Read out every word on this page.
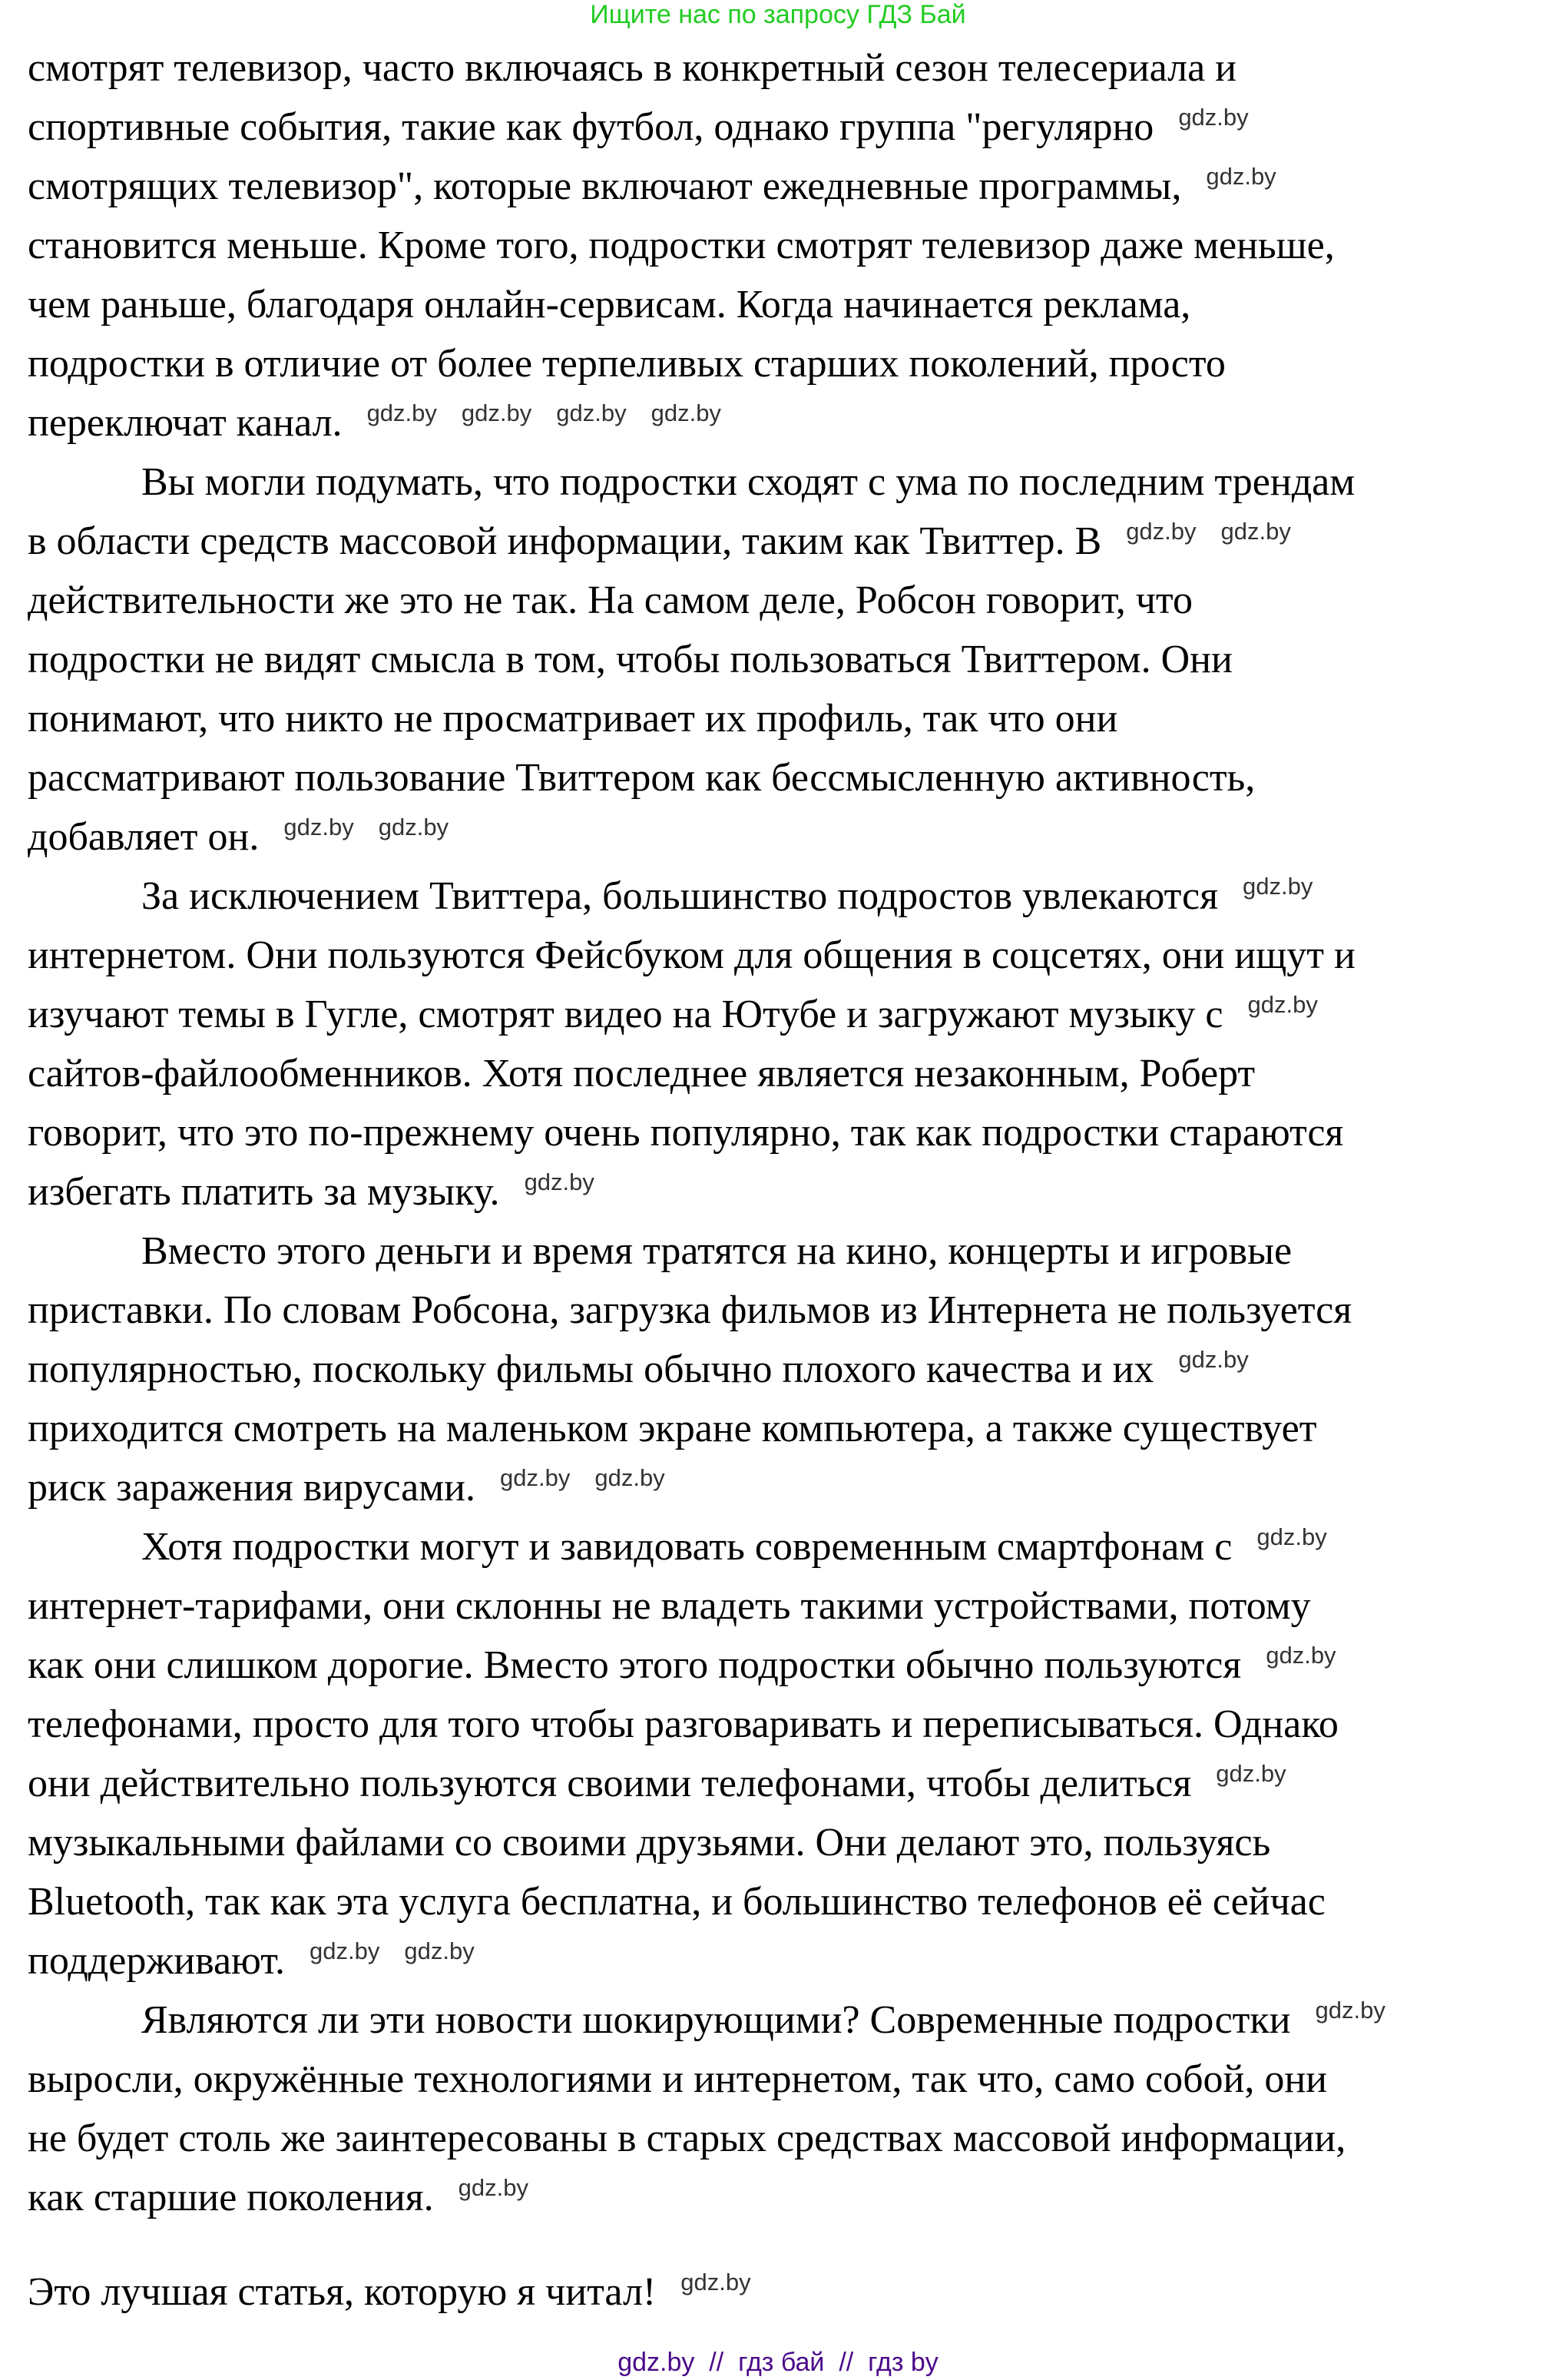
Ищите нас по запросу ГДЗ Бай
смотрят телевизор, часто включаясь в конкретный сезон телесериала и
спортивные события, такие как футбол, однако группа "регулярно gdz.by
смотрящих телевизор", которые включают ежедневные программы, gdz.by
становится меньше. Кроме того, подростки смотрят телевизор даже меньше,
чем раньше, благодаря онлайн-сервисам. Когда начинается реклама,
подростки в отличие от более терпеливых старших поколений, просто
переключат канал. gdz.by gdz.by gdz.by gdz.by
Вы могли подумать, что подростки сходят с ума по последним трендам
в области средств массовой информации, таким как Твиттер. В gdz.by gdz.by
действительности же это не так. На самом деле, Робсон говорит, что
подростки не видят смысла в том, чтобы пользоваться Твиттером. Они
понимают, что никто не просматривает их профиль, так что они
рассматривают пользование Твиттером как бессмысленную активность,
добавляет он. gdz.by gdz.by
За исключением Твиттера, большинство подростов увлекаются gdz.by
интернетом. Они пользуются Фейсбуком для общения в соцсетях, они ищут и
изучают темы в Гугле, смотрят видео на Ютубе и загружают музыку с gdz.by
сайтов-файлообменников. Хотя последнее является незаконным, Роберт
говорит, что это по-прежнему очень популярно, так как подростки стараются
избегать платить за музыку. gdz.by
Вместо этого деньги и время тратятся на кино, концерты и игровые
приставки. По словам Робсона, загрузка фильмов из Интернета не пользуется
популярностью, поскольку фильмы обычно плохого качества и их gdz.by
приходится смотреть на маленьком экране компьютера, а также существует
риск заражения вирусами. gdz.by gdz.by
Хотя подростки могут и завидовать современным смартфонам с gdz.by
интернет-тарифами, они склонны не владеть такими устройствами, потому
как они слишком дорогие. Вместо этого подростки обычно пользуются gdz.by
телефонами, просто для того чтобы разговаривать и переписываться. Однако
они действительно пользуются своими телефонами, чтобы делиться gdz.by
музыкальными файлами со своими друзьями. Они делают это, пользуясь
Bluetooth, так как эта услуга бесплатна, и большинство телефонов её сейчас
поддерживают. gdz.by gdz.by
Являются ли эти новости шокирующими? Современные подростки gdz.by
выросли, окружённые технологиями и интернетом, так что, само собой, они
не будет столь же заинтересованы в старых средствах массовой информации,
как старшие поколения. gdz.by
Это лучшая статья, которую я читал! gdz.by
gdz.by  //  гдз бай  //  гдз by
